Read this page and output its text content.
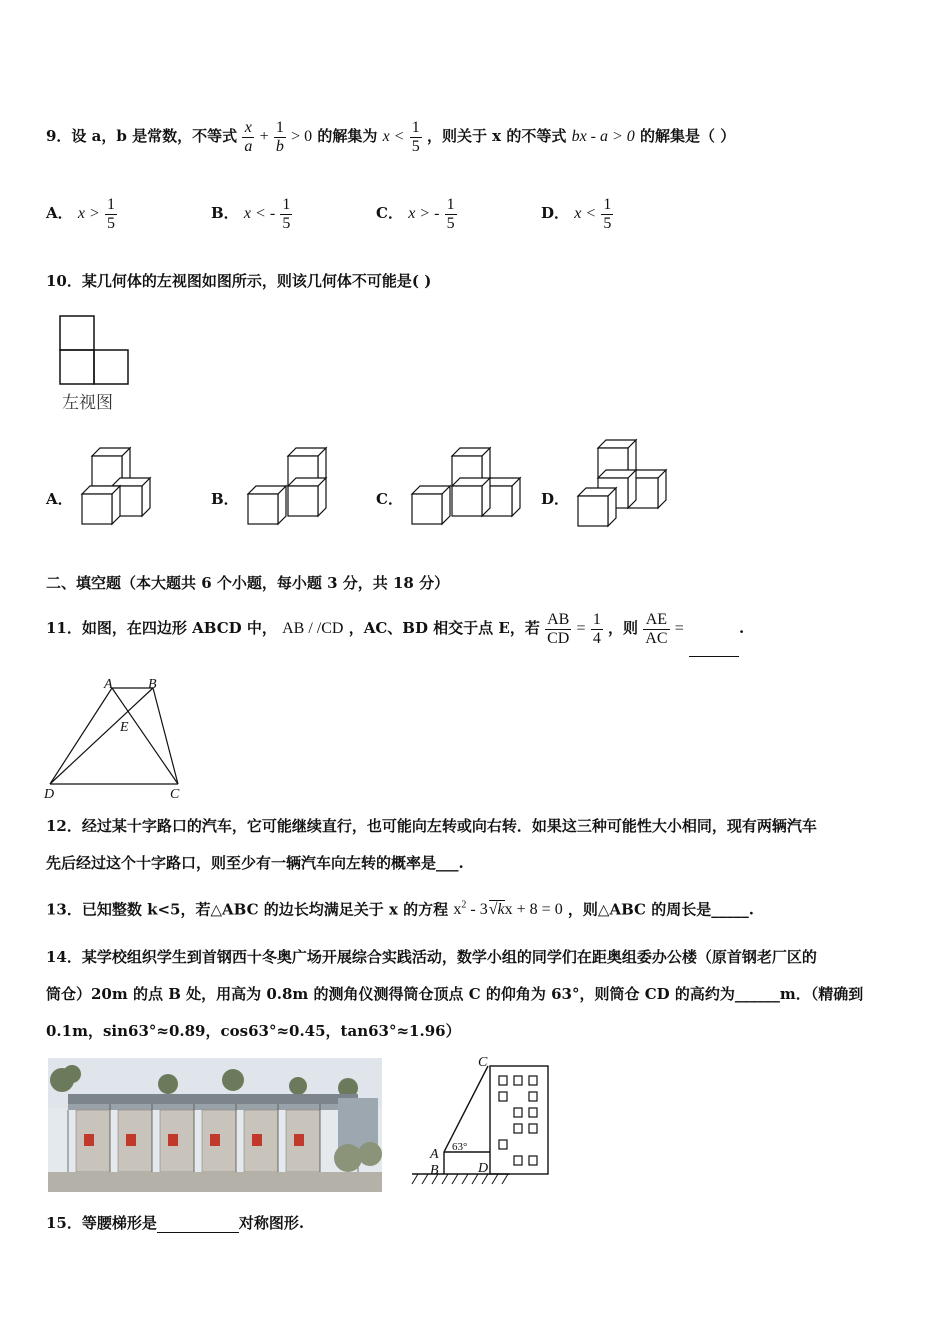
9．设 a，b 是常数，不等式 $\frac{x}{a} + \frac{1}{b} > 0$ 的解集为 $x < \frac{1}{5}$ ，则关于 x 的不等式 bx - a > 0 的解集是（ ）
A． $x > \frac{1}{5}$	B． x < - $\frac{1}{5}$	C． x > - $\frac{1}{5}$	D． $x < \frac{1}{5}$
10．某几何体的左视图如图所示，则该几何体不可能是( )
左视图
A．	B．	C．	D．
二、填空题（本大题共 6 个小题，每小题 3 分，共 18 分）
11．如图，在四边形 ABCD 中， AB / /CD ，AC、BD 相交于点 E，若 $\frac{AB}{CD} = \frac{1}{4}$ ，则 $\frac{AE}{AC}$ =	.
A	B
E
D	C
12．经过某十字路口的汽车，它可能继续直行，也可能向左转或向右转．如果这三种可能性大小相同，现有两辆汽车
先后经过这个十字路口，则至少有一辆汽车向左转的概率是___.
13．已知整数 k<5，若△ABC 的边长均满足关于 x 的方程 $x^2 - 3√kx + 8 = 0$ ，则△ABC 的周长是_____.
14．某学校组织学生到首钢西十冬奥广场开展综合实践活动，数学小组的同学们在距奥组委办公楼（原首钢老厂区的
筒仓）20m 的点 B 处，用高为 0.8m 的测角仪测得筒仓顶点 C 的仰角为 63°，则筒仓 CD 的高约为______m．（精确到
0.1m，sin63°≈0.89，cos63°≈0.45，tan63°≈1.96）
C
A
B	D
63°
15．等腰梯形是	对称图形.
